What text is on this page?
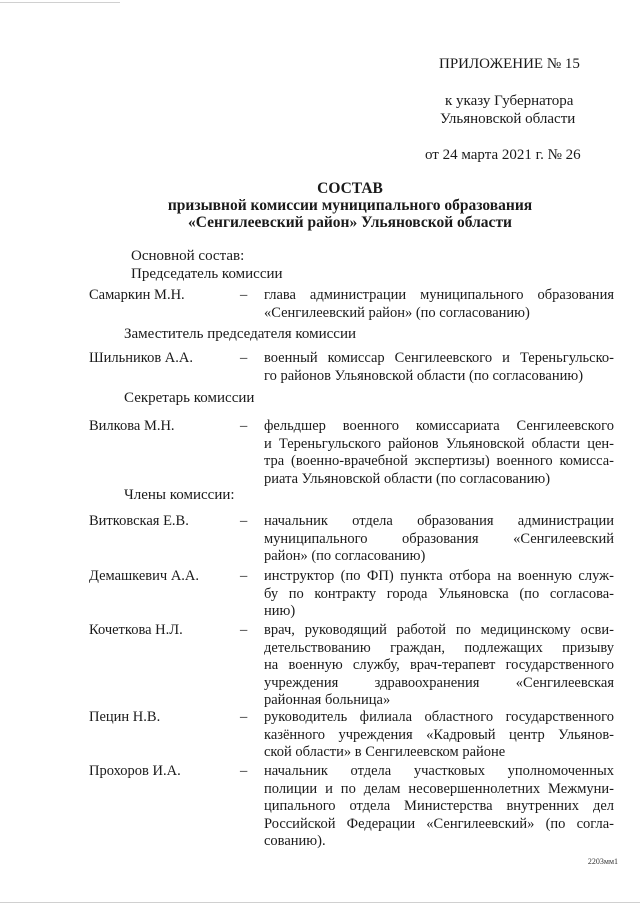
ПРИЛОЖЕНИЕ № 15
к указу Губернатора
Ульяновской области
от 24 марта 2021 г. № 26
СОСТАВ
призывной комиссии муниципального образования
«Сенгилеевский район» Ульяновской области
Основной состав:
Председатель комиссии
Самаркин М.Н.	– глава администрации муниципального образования
«Сенгилеевский район» (по согласованию)
Заместитель председателя комиссии
Шильников А.А.	– военный комиссар Сенгилеевского и Тереньгульско-
го районов Ульяновской области (по согласованию)
Секретарь комиссии
Вилкова М.Н.	– фельдшер военного комиссариата Сенгилеевского
и Тереньгульского районов Ульяновской области цен-
тра (военно-врачебной экспертизы) военного комисса-
риата Ульяновской области (по согласованию)
Члены комиссии:
Витковская Е.В.	– начальник отдела образования администрации
муниципального образования «Сенгилеевский
район» (по согласованию)
Демашкевич А.А.	– инструктор (по ФП) пункта отбора на военную служ-
бу по контракту города Ульяновска (по согласова-
нию)
Кочеткова Н.Л.	– врач, руководящий работой по медицинскому осви-
детельствованию граждан, подлежащих призыву
на военную службу, врач-терапевт государственного
учреждения здравоохранения «Сенгилеевская
районная больница»
Пецин Н.В.	– руководитель филиала областного государственного
казённого учреждения «Кадровый центр Ульянов-
ской области» в Сенгилеевском районе
Прохоров И.А.	– начальник отдела участковых уполномоченных
полиции и по делам несовершеннолетних Межмуни-
ципального отдела Министерства внутренних дел
Российской Федерации «Сенгилеевский» (по согла-
сованию).
2203мм1
